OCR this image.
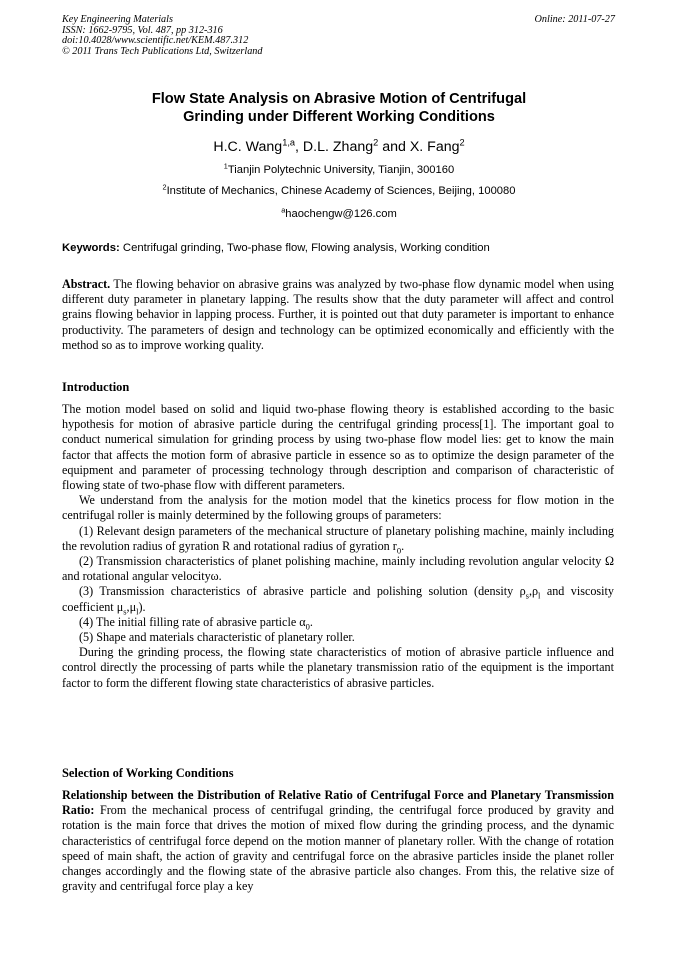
Key Engineering Materials
ISSN: 1662-9795, Vol. 487, pp 312-316
doi:10.4028/www.scientific.net/KEM.487.312
© 2011 Trans Tech Publications Ltd, Switzerland
Online: 2011-07-27
Flow State Analysis on Abrasive Motion of Centrifugal
Grinding under Different Working Conditions
H.C. Wang$^{1,a}$, D.L. Zhang$^2$ and X. Fang$^2$
$^1$Tianjin Polytechnic University, Tianjin, 300160
$^2$Institute of Mechanics, Chinese Academy of Sciences, Beijing, 100080
$^a$haochengw@126.com
Keywords: Centrifugal grinding, Two-phase flow, Flowing analysis, Working condition

Abstract. The flowing behavior on abrasive grains was analyzed by two-phase flow dynamic model when using different duty parameter in planetary lapping. The results show that the duty parameter will affect and control grains flowing behavior in lapping process. Further, it is pointed out that duty parameter is important to enhance productivity. The parameters of design and technology can be optimized economically and efficiently with the method so as to improve working quality.

Introduction
The motion model based on solid and liquid two-phase flowing theory is established according to the basic hypothesis for motion of abrasive particle during the centrifugal grinding process[1]. The important goal to conduct numerical simulation for grinding process by using two-phase flow model lies: get to know the main factor that affects the motion form of abrasive particle in essence so as to optimize the design parameter of the equipment and parameter of processing technology through description and comparison of characteristic of flowing state of two-phase flow with different parameters.
We understand from the analysis for the motion model that the kinetics process for flow motion in the centrifugal roller is mainly determined by the following groups of parameters:
(1) Relevant design parameters of the mechanical structure of planetary polishing machine, mainly including the revolution radius of gyration R and rotational radius of gyration $r_0$.
(2) Transmission characteristics of planet polishing machine, mainly including revolution angular velocity Ω and rotational angular velocityω.
(3) Transmission characteristics of abrasive particle and polishing solution (density $\rho_s,\rho_l$ and viscosity coefficient $\mu_s,\mu_l$).
(4) The initial filling rate of abrasive particle $\alpha_0$.
(5) Shape and materials characteristic of planetary roller.
During the grinding process, the flowing state characteristics of motion of abrasive particle influence and control directly the processing of parts while the planetary transmission ratio of the equipment is the important factor to form the different flowing state characteristics of abrasive particles.
Selection of Working Conditions

Relationship between the Distribution of Relative Ratio of Centrifugal Force and Planetary Transmission Ratio: From the mechanical process of centrifugal grinding, the centrifugal force produced by gravity and rotation is the main force that drives the motion of mixed flow during the grinding process, and the dynamic characteristics of centrifugal force depend on the motion manner of planetary roller. With the change of rotation speed of main shaft, the action of gravity and centrifugal force on the abrasive particles inside the planet roller changes accordingly and the flowing state of the abrasive particle also changes. From this, the relative size of gravity and centrifugal force play a key
